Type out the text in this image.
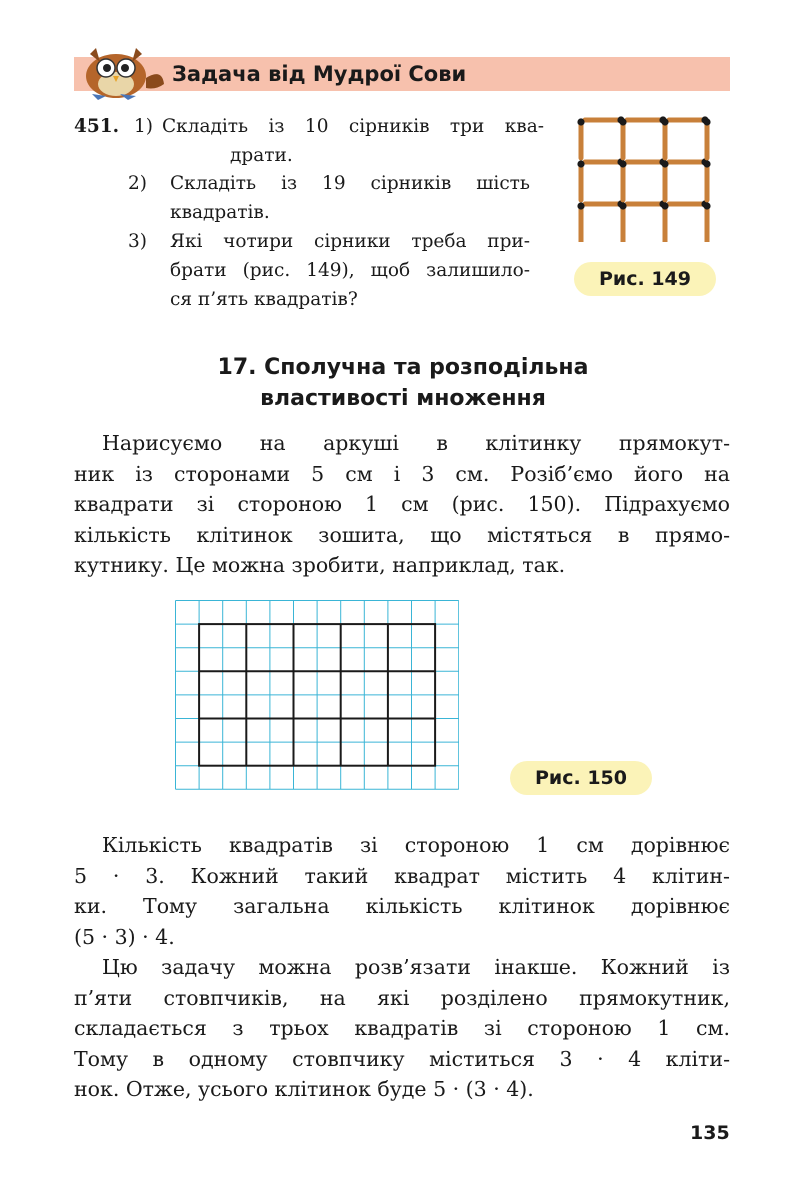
Задача від Мудрої Сови
451. 1) Складіть із 10 сірників три ква-
драти.
2) Складіть із 19 сірників шість
квадратів.
3) Які чотири сірники треба при-
брати (рис. 149), щоб залишило-
ся п’ять квадратів?
Рис. 149
17. Сполучна та розподільна
властивості множення
Нарисуємо на аркуші в клітинку прямокут-
ник із сторонами 5 см і 3 см. Розіб’ємо його на
квадрати зі стороною 1 см (рис. 150). Підрахуємо
кількість клітинок зошита, що містяться в прямо-
кутнику. Це можна зробити, наприклад, так.
Рис. 150
Кількість квадратів зі стороною 1 см дорівнює
5 · 3. Кожний такий квадрат містить 4 клітин-
ки. Тому загальна кількість клітинок дорівнює
(5 · 3) · 4.
Цю задачу можна розв’язати інакше. Кожний із
п’яти стовпчиків, на які розділено прямокутник,
складається з трьох квадратів зі стороною 1 см.
Тому в одному стовпчику міститься 3 · 4 кліти-
нок. Отже, усього клітинок буде 5 · (3 · 4).
135
